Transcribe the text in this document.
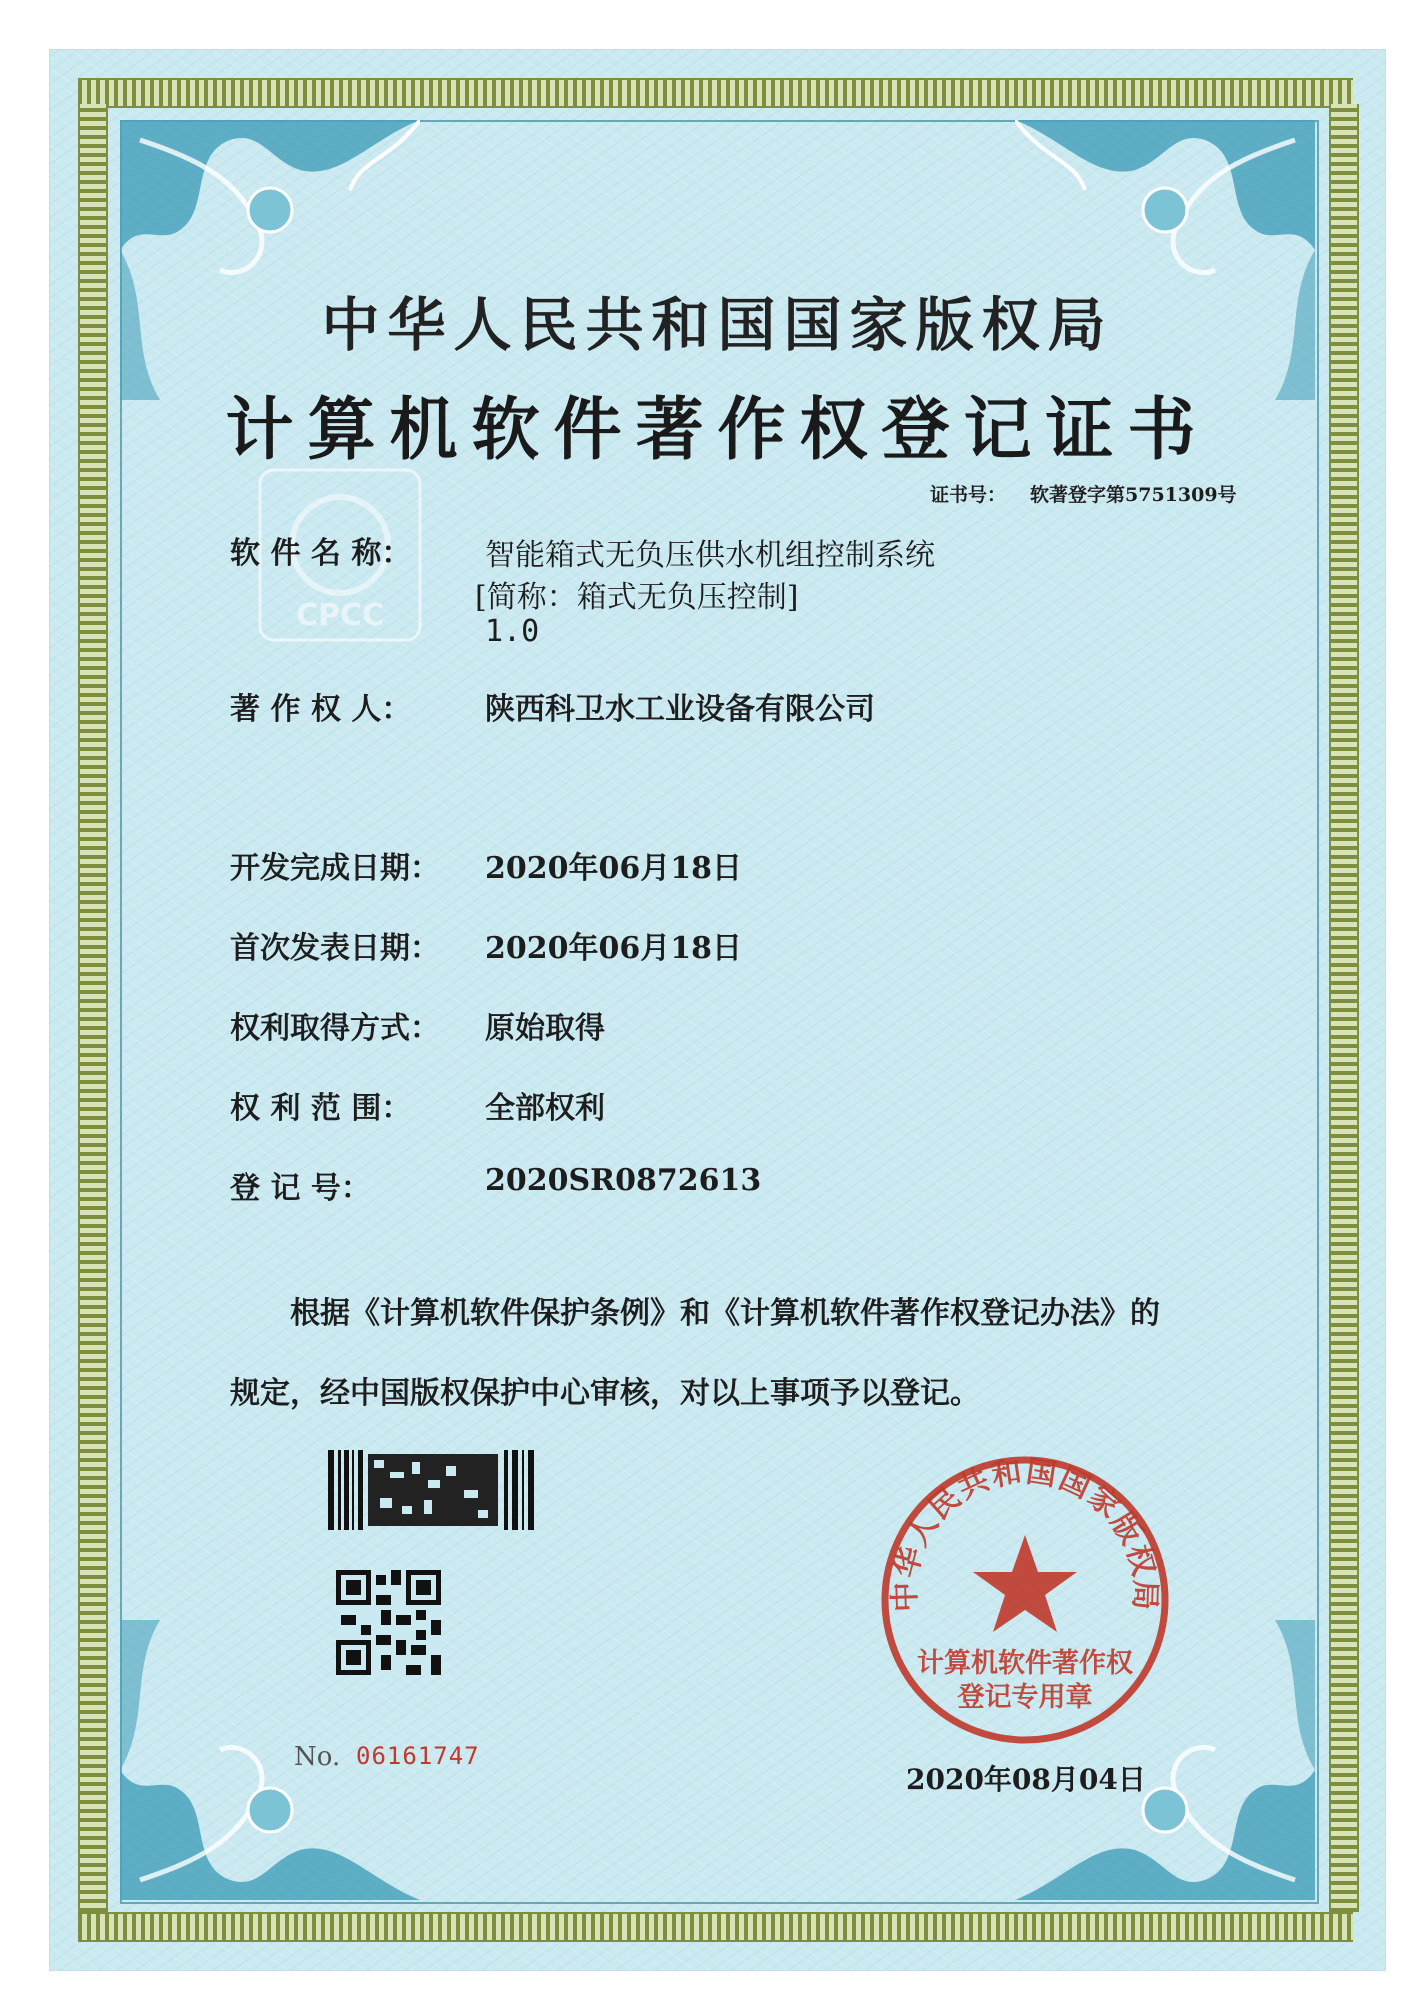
CPCC
中华人民共和国国家版权局
计算机软件著作权登记证书
证书号： 软著登字第5751309号
软 件 名 称： 智能箱式无负压供水机组控制系统
[简称：箱式无负压控制]
1.0
著 作 权 人： 陕西科卫水工业设备有限公司
开发完成日期： 2020年06月18日
首次发表日期： 2020年06月18日
权利取得方式： 原始取得
权 利 范 围： 全部权利
登 记 号：	2020SR0872613
根据《计算机软件保护条例》和《计算机软件著作权登记办法》的
规定，经中国版权保护中心审核，对以上事项予以登记。
No. 06161747
中华人民共和国国家版权局
计算机软件著作权
登记专用章
2020年08月04日
